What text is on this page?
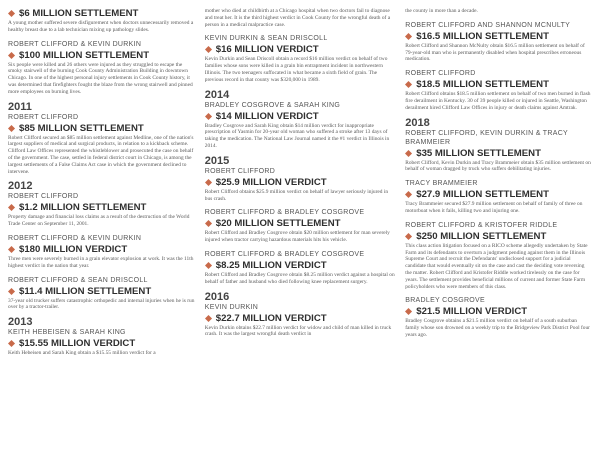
$6 MILLION SETTLEMENT
A young mother suffered severe disfigurement when doctors unnecessarily removed a healthy breast due to a lab technician mixing up pathology slides.
ROBERT CLIFFORD & KEVIN DURKIN
$100 MILLION SETTLEMENT
Six people were killed and 26 others were injured as they struggled to escape the smoky stairwell of the burning Cook County Administration Building in downtown Chicago. In one of the highest personal injury settlements in Cook County history, it was determined that firefighters fought the blaze from the wrong stairwell and pinned more employees on burning lives.
2011
ROBERT CLIFFORD
$85 MILLION SETTLEMENT
Robert Clifford secured an $85 million settlement against Medline, one of the nation's largest suppliers of medical and surgical products, in relation to a kickback scheme. Clifford Law Offices represented the whistleblower and prosecuted the case on behalf of the government. The case, settled in federal district court in Chicago, is among the largest settlements of a False Claims Act case in which the government declined to intervene.
2012
ROBERT CLIFFORD
$1.2 MILLION SETTLEMENT
Property damage and financial loss claims as a result of the destruction of the World Trade Center on September 11, 2001.
ROBERT CLIFFORD & KEVIN DURKIN
$180 MILLION VERDICT
Three men were severely burned in a grain elevator explosion at work. It was the 11th highest verdict in the nation that year.
ROBERT CLIFFORD & SEAN DRISCOLL
$11.4 MILLION SETTLEMENT
37-year old trucker suffers catastrophic orthopedic and internal injuries when he is run over by a tractor-trailer.
2013
KEITH HEBEISEN & SARAH KING
$15.55 MILLION VERDICT
Keith Hebeisen and Sarah King obtain a $15.55 million verdict for a
mother who died at childbirth at a Chicago hospital when two doctors fail to diagnose and treat her. It is the third highest verdict in Cook County for the wrongful death of a person in a medical malpractice case.
KEVIN DURKIN & SEAN DRISCOLL
$16 MILLION VERDICT
Kevin Durkin and Sean Driscoll obtain a record $16 million verdict on behalf of two families whose sons were killed in a grain bin entrapment incident in northwestern Illinois. The two teenagers suffocated in what became a sixth field of grain. The previous record in that county was $320,000 in 1989.
2014
BRADLEY COSGROVE & SARAH KING
$14 MILLION VERDICT
Bradley Cosgrove and Sarah King obtain $14 million verdict for inappropriate prescription of Yasmin for 20-year old woman who suffered a stroke after 13 days of taking the medication. The National Law Journal named it the #1 verdict in Illinois in 2014.
2015
ROBERT CLIFFORD
$25.9 MILLION VERDICT
Robert Clifford obtains $25.9 million verdict on behalf of lawyer seriously injured in bus crash.
ROBERT CLIFFORD & BRADLEY COSGROVE
$20 MILLION SETTLEMENT
Robert Clifford and Bradley Cosgrove obtain $20 million settlement for man severely injured when tractor carrying hazardous materials hits his vehicle.
ROBERT CLIFFORD & BRADLEY COSGROVE
$8.25 MILLION VERDICT
Robert Clifford and Bradley Cosgrove obtain $8.25 million verdict against a hospital on behalf of father and husband who died following knee replacement surgery.
2016
KEVIN DURKIN
$22.7 MILLION VERDICT
Kevin Durkin obtains $22.7 million verdict for widow and child of man killed in truck crash. It was the largest wrongful death verdict in
the county in more than a decade.
ROBERT CLIFFORD AND SHANNON MCNULTY
$16.5 MILLION SETTLEMENT
Robert Clifford and Shannon McNulty obtain $16.5 million settlement on behalf of 79-year-old man who is permanently disabled when hospital prescribes erroneous medication.
ROBERT CLIFFORD
$18.5 MILLION SETTLEMENT
Robert Clifford obtains $18.5 million settlement on behalf of two men burned in flash fire derailment in Kentucky. 30 of 39 people killed or injured in Seattle, Washington derailment hired Clifford Law Offices in injury or death claims against Amtrak.
2018
ROBERT CLIFFORD, KEVIN DURKIN & TRACY BRAMMEIER
$35 MILLION SETTLEMENT
Robert Clifford, Kevin Durkin and Tracy Brammeier obtain $35 million settlement on behalf of woman dragged by truck who suffers debilitating injuries.
TRACY BRAMMEIER
$27.9 MILLION SETTLEMENT
Tracy Brammeier secured $27.9 million settlement on behalf of family of three on motorboat when it fails, killing two and injuring one.
ROBERT CLIFFORD & KRISTOFER RIDDLE
$250 MILLION SETTLEMENT
This class action litigation focused on a RICO scheme allegedly undertaken by State Farm and its defendants to overturn a judgment pending against them in the Illinois Supreme Court and recruit the Defendants' undisclosed support for a judicial candidate that would eventually sit on the case and cast the deciding vote reversing the matter. Robert Clifford and Kristofer Riddle worked tirelessly on the case for years. The settlement provides beneficial millions of current and former State Farm policyholders who were members of this class.
BRADLEY COSGROVE
$21.5 MILLION VERDICT
Bradley Cosgrove obtains a $21.5 million verdict on behalf of a south suburban family whose son drowned on a weekly trip to the Bridgeview Park District Pool four years ago.
